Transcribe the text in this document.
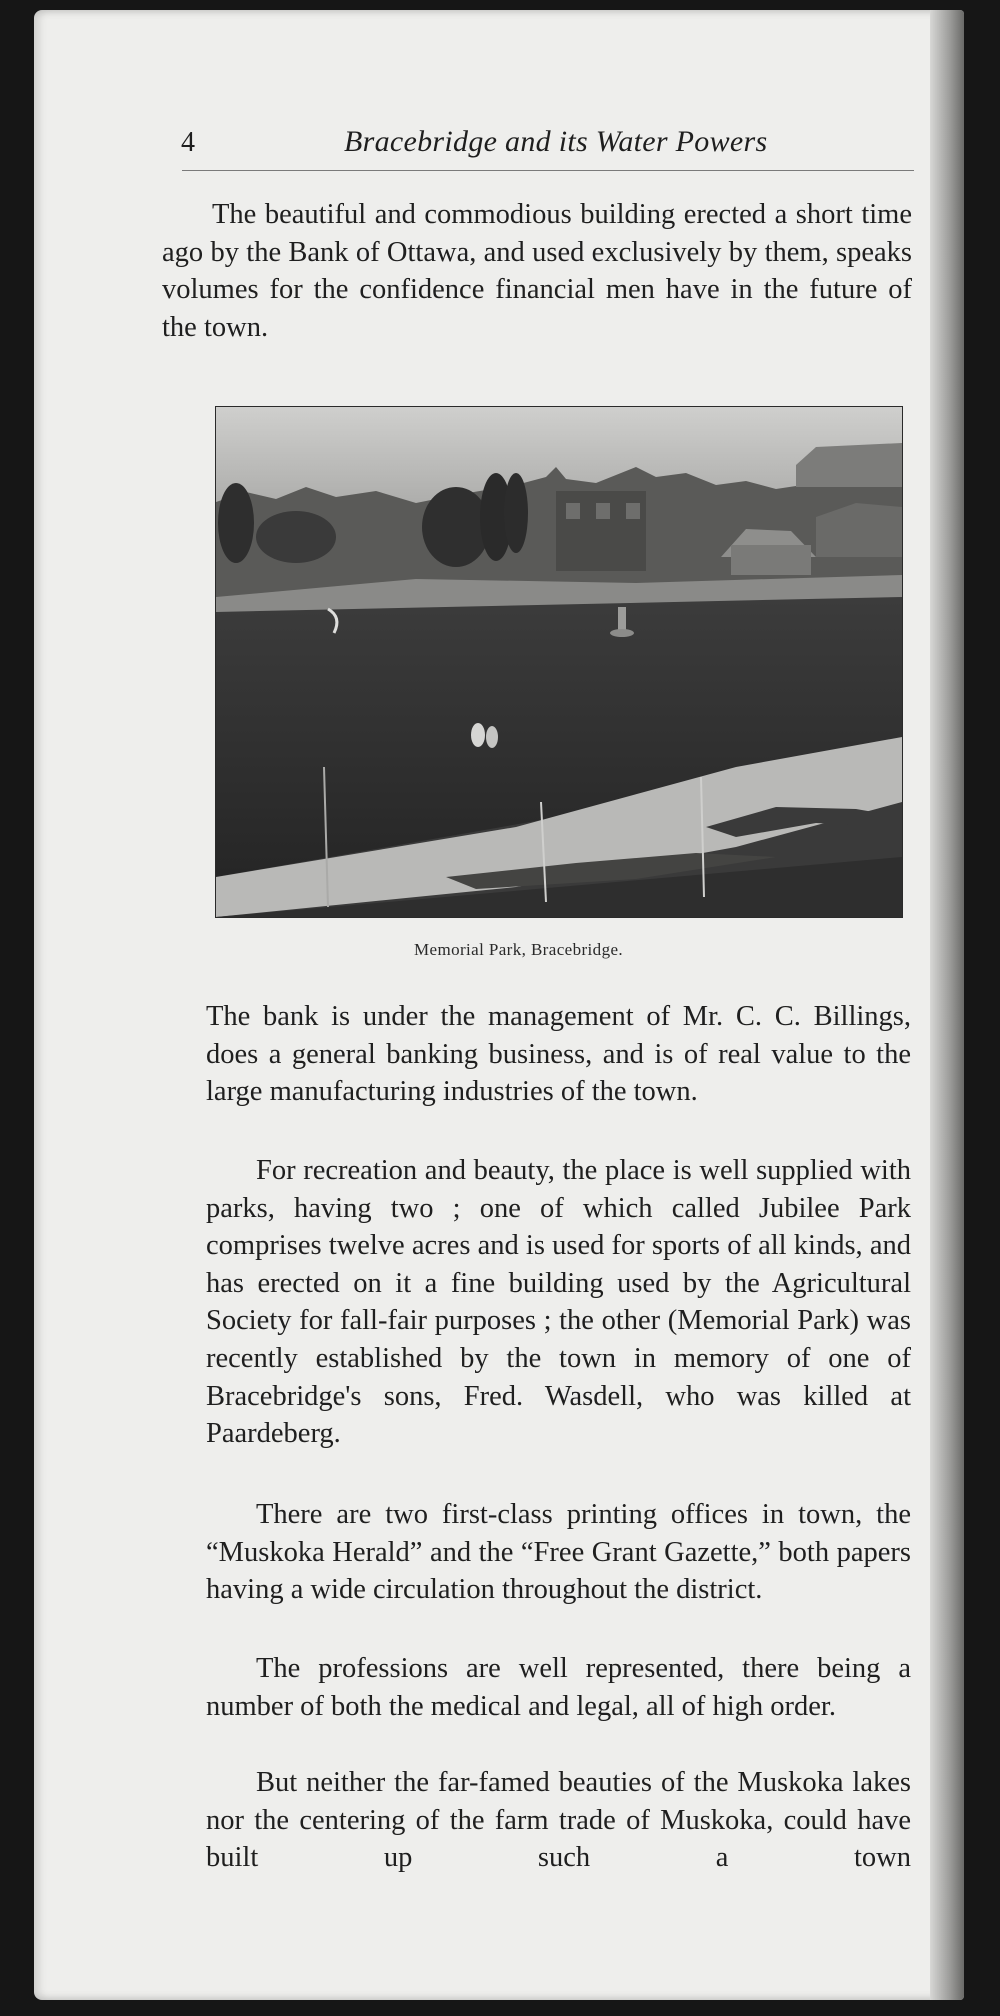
4	Bracebridge and its Water Powers

The beautiful and commodious building erected a short time ago by the Bank of Ottawa, and used exclusively by them, speaks volumes for the confidence financial men have in the future of the town.

Memorial Park, Bracebridge.

The bank is under the management of Mr. C. C. Billings, does a general banking business, and is of real value to the large manufacturing industries of the town.

For recreation and beauty, the place is well supplied with parks, having two ; one of which called Jubilee Park comprises twelve acres and is used for sports of all kinds, and has erected on it a fine building used by the Agricultural Society for fall-fair purposes ; the other (Memorial Park) was recently established by the town in memory of one of Bracebridge's sons, Fred. Wasdell, who was killed at Paardeberg.

There are two first-class printing offices in town, the “Muskoka Herald” and the “Free Grant Gazette,” both papers having a wide circulation throughout the district.

The professions are well represented, there being a number of both the medical and legal, all of high order.

But neither the far-famed beauties of the Muskoka lakes nor the centering of the farm trade of Muskoka, could have built up such a town
